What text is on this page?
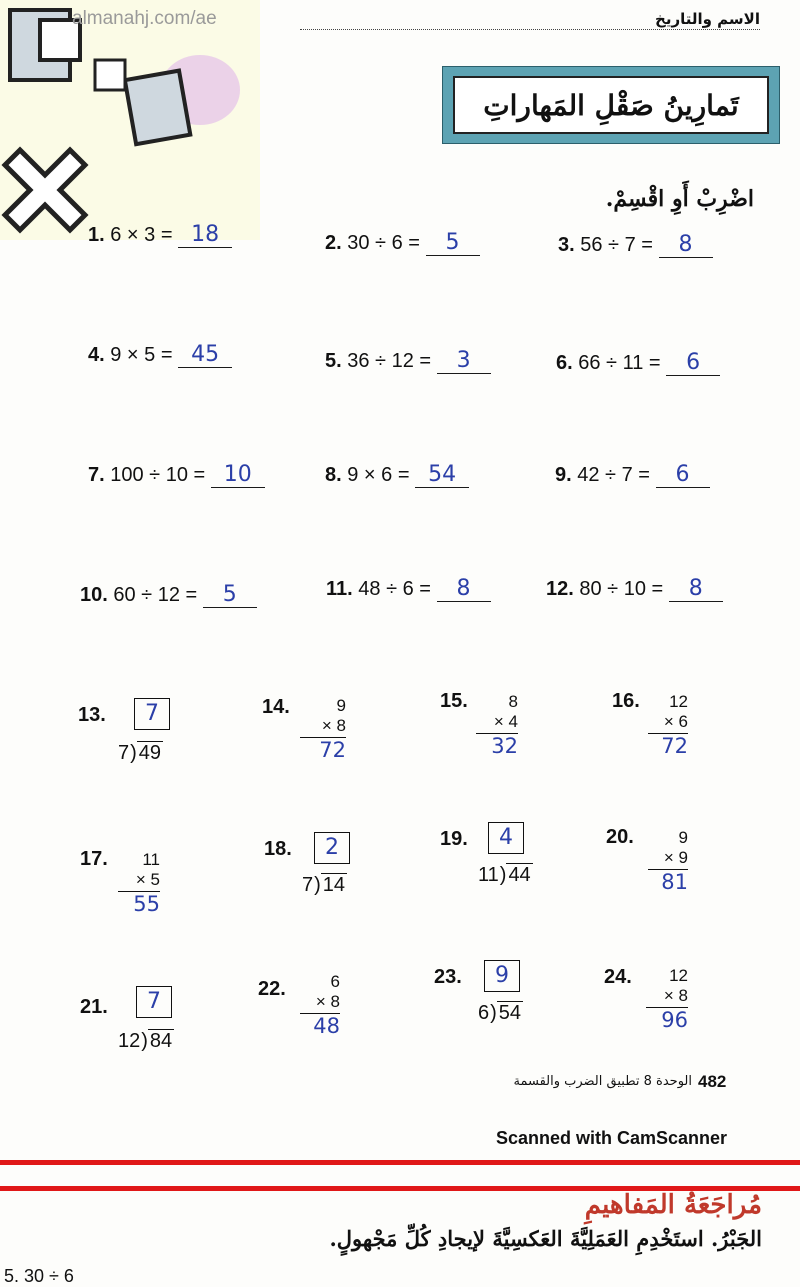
almanahj.com/ae	الاسم والتاريخ
تَمارِينُ صَقْلِ المَهاراتِ
اضْرِبْ أَوِ اقْسِمْ.
1. 6 × 3 = 18	2. 30 ÷ 6 = 5	3. 56 ÷ 7 = 8
4. 9 × 5 = 45	5. 36 ÷ 12 = 3	6. 66 ÷ 11 = 6
7. 100 ÷ 10 = 10	8. 9 × 6 = 54	9. 42 ÷ 7 = 6
10. 60 ÷ 12 = 5	11. 48 ÷ 6 = 8	12. 80 ÷ 10 = 8
13.	7
7) 49
14.	9
× 8
72
15.	8
× 4
32
16.	12
× 6
72
17.	11
× 5
55
18.	2
7) 14
19.	4
11) 44
20.	9
× 9
81
21.	7
12) 84
22.	6
× 8
48
23.	9
6) 54
24.	12
× 8
96
الوحدة 8 تطبيق الضرب والقسمة 482
Scanned with CamScanner
مُراجَعَةُ المَفاهيمِ
الجَبْرُ. استَخْدِمِ العَمَلِيَّةَ العَكسِيَّةَ لإيجادِ كُلِّ مَجْهولٍ.
5. 30 ÷ 6
